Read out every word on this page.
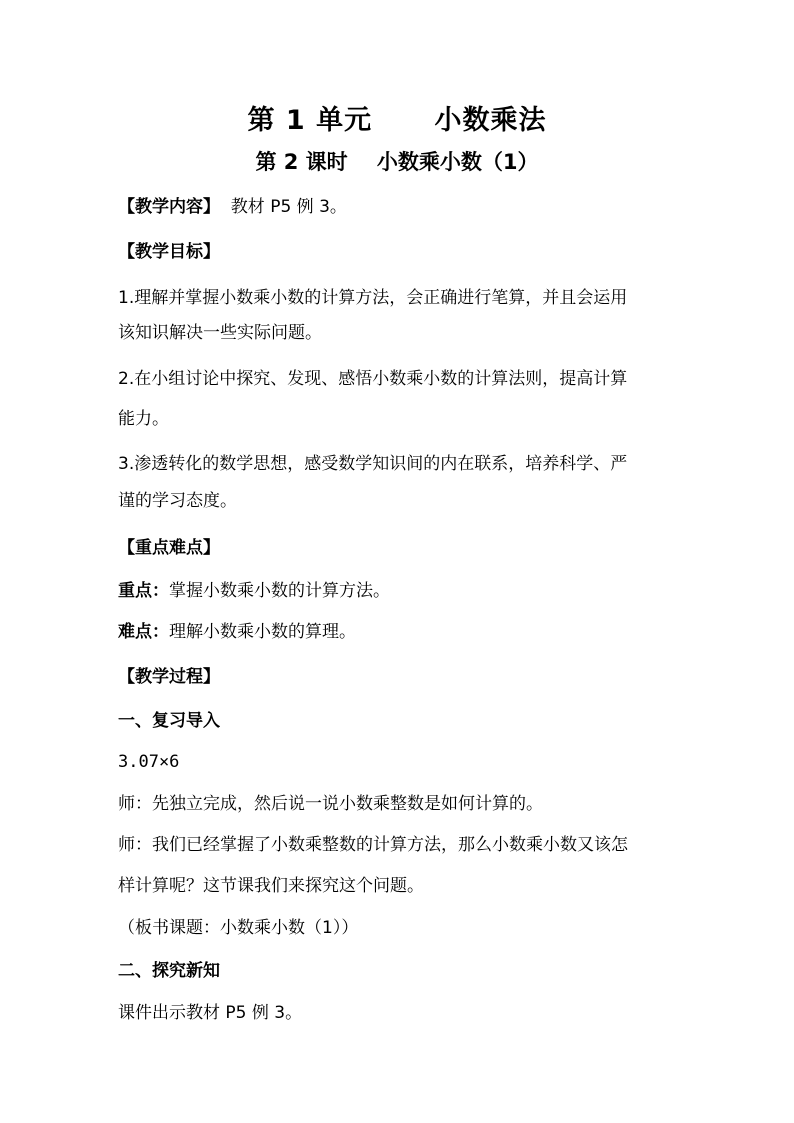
第 1 单元      小数乘法
第 2 课时    小数乘小数（1）
【教学内容】  教材 P5 例 3。
【教学目标】
1.理解并掌握小数乘小数的计算方法，会正确进行笔算，并且会运用
该知识解决一些实际问题。
2.在小组讨论中探究、发现、感悟小数乘小数的计算法则，提高计算
能力。
3.渗透转化的数学思想，感受数学知识间的内在联系，培养科学、严
谨的学习态度。
【重点难点】
重点：掌握小数乘小数的计算方法。
难点：理解小数乘小数的算理。
【教学过程】
一、复习导入
3.07×6
师：先独立完成，然后说一说小数乘整数是如何计算的。
师：我们已经掌握了小数乘整数的计算方法，那么小数乘小数又该怎
样计算呢？这节课我们来探究这个问题。
（板书课题：小数乘小数（1））
二、探究新知
课件出示教材 P5 例 3。
